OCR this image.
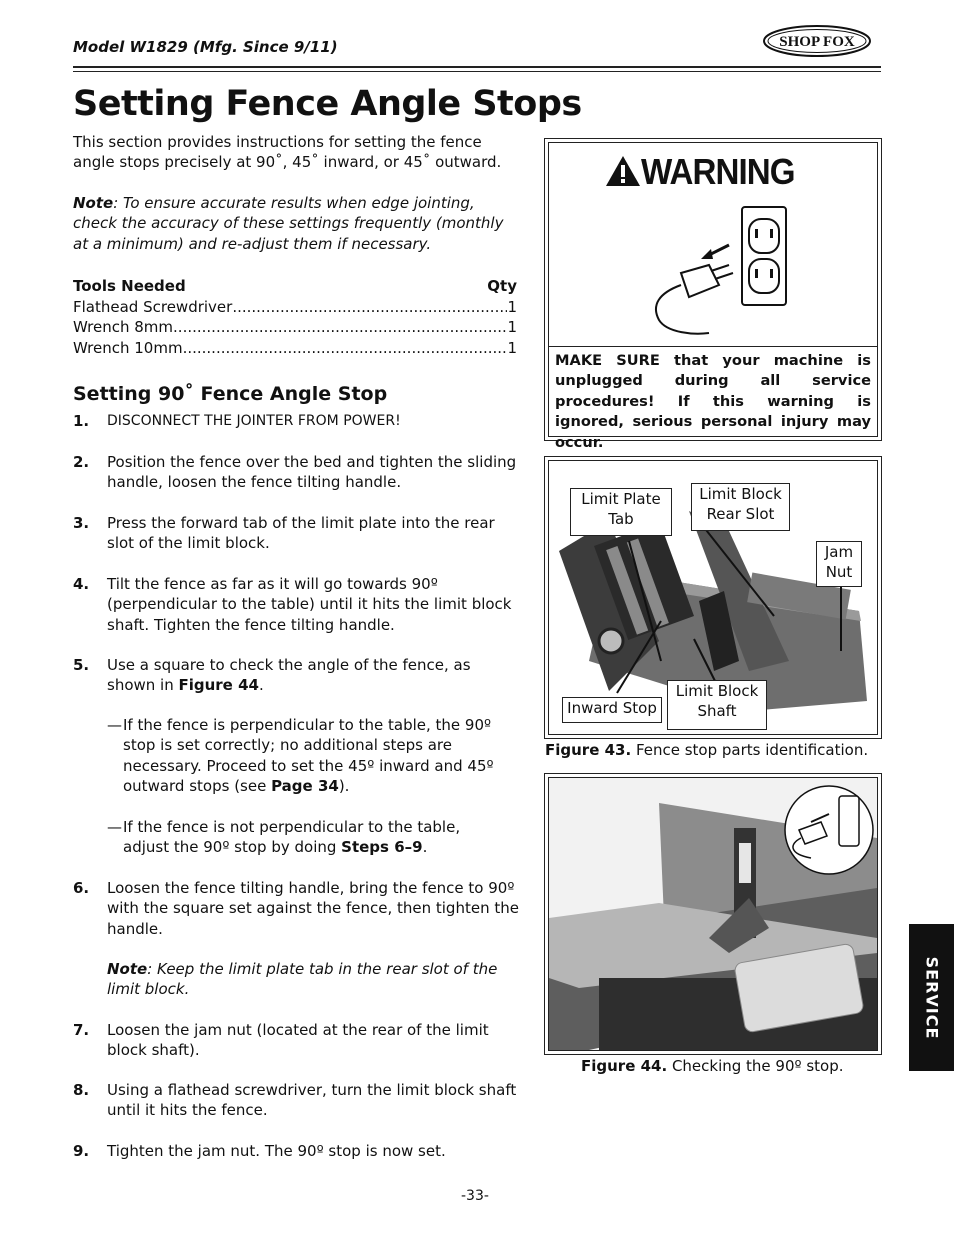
Model W1829 (Mfg. Since 9/11)	SHOP FOX
Setting Fence Angle Stops
This section provides instructions for setting the fence angle stops precisely at 90˚, 45˚ inward, or 45˚ outward.
Note: To ensure accurate results when edge jointing, check the accuracy of these settings frequently (monthly at a minimum) and re-adjust them if necessary.
Tools Needed	Qty
Flathead Screwdriver .....	1
Wrench 8mm .....	1
Wrench 10mm .....	1
Setting 90˚ Fence Angle Stop
1. DISCONNECT THE JOINTER FROM POWER!
2. Position the fence over the bed and tighten the sliding handle, loosen the fence tilting handle.
3. Press the forward tab of the limit plate into the rear slot of the limit block.
4. Tilt the fence as far as it will go towards 90º (perpendicular to the table) until it hits the limit block shaft. Tighten the fence tilting handle.
5. Use a square to check the angle of the fence, as shown in Figure 44.
— If the fence is perpendicular to the table, the 90º stop is set correctly; no additional steps are necessary. Proceed to set the 45º inward and 45º outward stops (see Page 34).
— If the fence is not perpendicular to the table, adjust the 90º stop by doing Steps 6–9.
6. Loosen the fence tilting handle, bring the fence to 90º with the square set against the fence, then tighten the handle.
Note: Keep the limit plate tab in the rear slot of the limit block.
7. Loosen the jam nut (located at the rear of the limit block shaft).
8. Using a flathead screwdriver, turn the limit block shaft until it hits the fence.
9. Tighten the jam nut. The 90º stop is now set.
WARNING
MAKE SURE that your machine is unplugged during all service procedures! If this warning is ignored, serious personal injury may occur.
Limit Plate Tab
Limit Block Rear Slot
Jam Nut
Inward Stop
Limit Block Shaft
Figure 43. Fence stop parts identification.
Figure 44. Checking the 90º stop.
SERVICE
-33-
